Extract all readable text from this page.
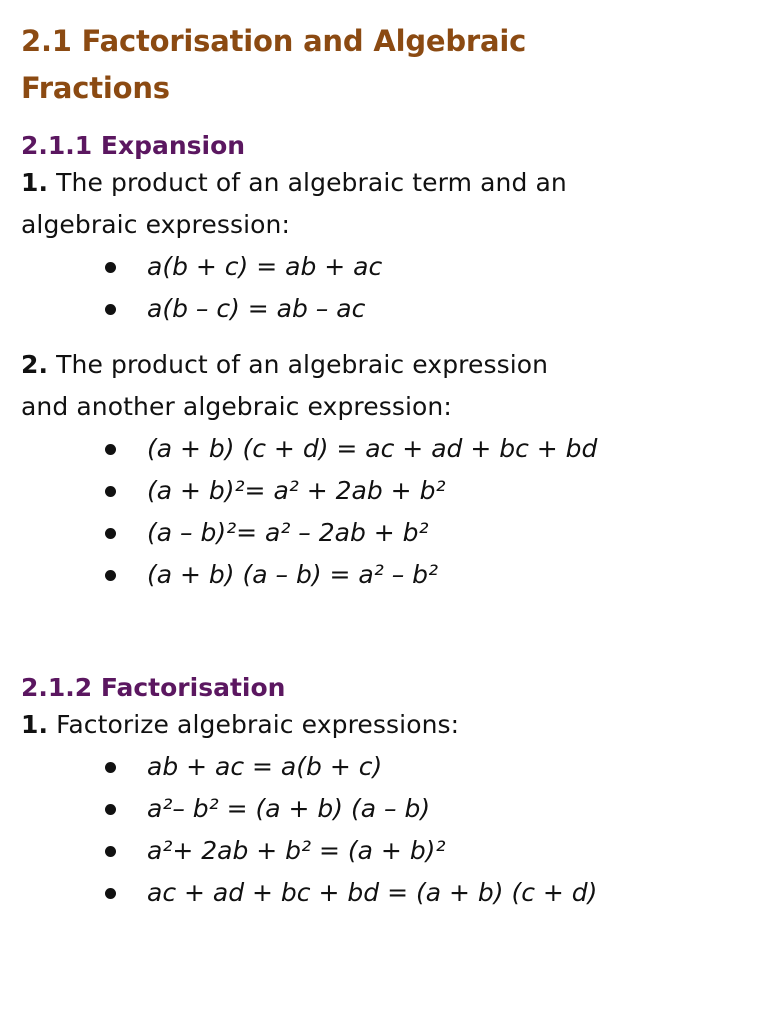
2.1 Factorisation and Algebraic
Fractions
2.1.1 Expansion

1. The product of an algebraic term and an
algebraic expression:

a(b + c) = ab + ac
a(b – c) = ab – ac

2. The product of an algebraic expression
and another algebraic expression:

(a + b) (c + d) = ac + ad + bc + bd
(a + b)²= a² + 2ab + b²
(a – b)²= a² – 2ab + b²
(a + b) (a – b) = a² – b²
2.1.2 Factorisation

1. Factorize algebraic expressions:

ab + ac = a(b + c)
a²– b² = (a + b) (a – b)
a²+ 2ab + b² = (a + b)²
ac + ad + bc + bd = (a + b) (c + d)
